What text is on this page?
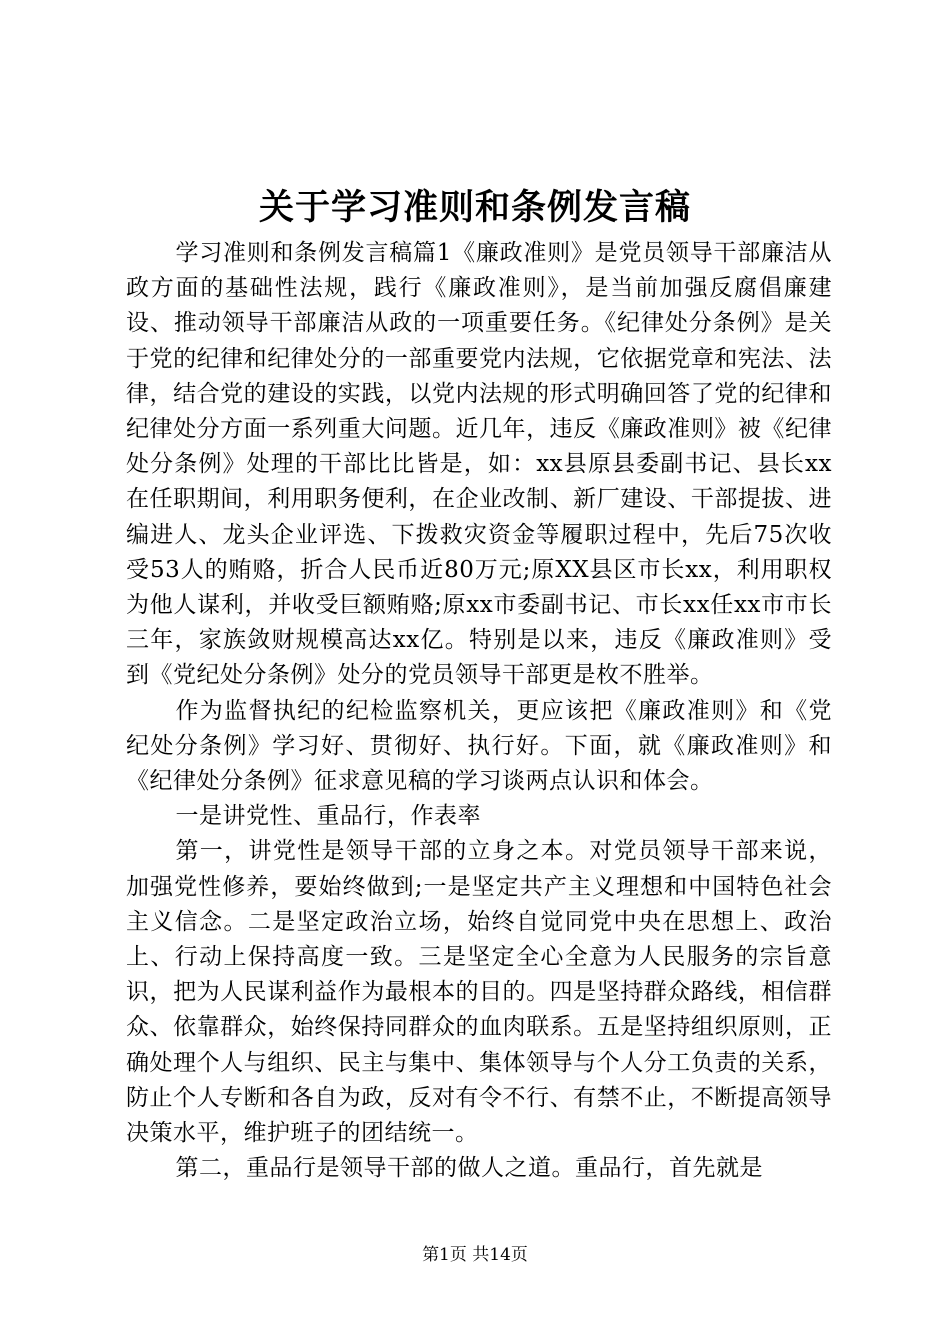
关于学习准则和条例发言稿

学习准则和条例发言稿篇1《廉政准则》是党员领导干部廉洁从政方面的基础性法规，践行《廉政准则》，是当前加强反腐倡廉建设、推动领导干部廉洁从政的一项重要任务。《纪律处分条例》是关于党的纪律和纪律处分的一部重要党内法规，它依据党章和宪法、法律，结合党的建设的实践，以党内法规的形式明确回答了党的纪律和纪律处分方面一系列重大问题。近几年，违反《廉政准则》被《纪律处分条例》处理的干部比比皆是，如：xx县原县委副书记、县长xx在任职期间，利用职务便利，在企业改制、新厂建设、干部提拔、进编进人、龙头企业评选、下拨救灾资金等履职过程中，先后75次收受53人的贿赂，折合人民币近80万元;原XX县区市长xx，利用职权为他人谋利，并收受巨额贿赂;原xx市委副书记、市长xx任xx市市长三年，家族敛财规模高达xx亿。特别是以来，违反《廉政准则》受到《党纪处分条例》处分的党员领导干部更是枚不胜举。

作为监督执纪的纪检监察机关，更应该把《廉政准则》和《党纪处分条例》学习好、贯彻好、执行好。下面，就《廉政准则》和《纪律处分条例》征求意见稿的学习谈两点认识和体会。

一是讲党性、重品行，作表率

第一，讲党性是领导干部的立身之本。对党员领导干部来说，加强党性修养，要始终做到;一是坚定共产主义理想和中国特色社会主义信念。二是坚定政治立场，始终自觉同党中央在思想上、政治上、行动上保持高度一致。三是坚定全心全意为人民服务的宗旨意识，把为人民谋利益作为最根本的目的。四是坚持群众路线，相信群众、依靠群众，始终保持同群众的血肉联系。五是坚持组织原则，正确处理个人与组织、民主与集中、集体领导与个人分工负责的关系，防止个人专断和各自为政，反对有令不行、有禁不止，不断提高领导决策水平，维护班子的团结统一。

第二，重品行是领导干部的做人之道。重品行，首先就是

第1页 共14页
